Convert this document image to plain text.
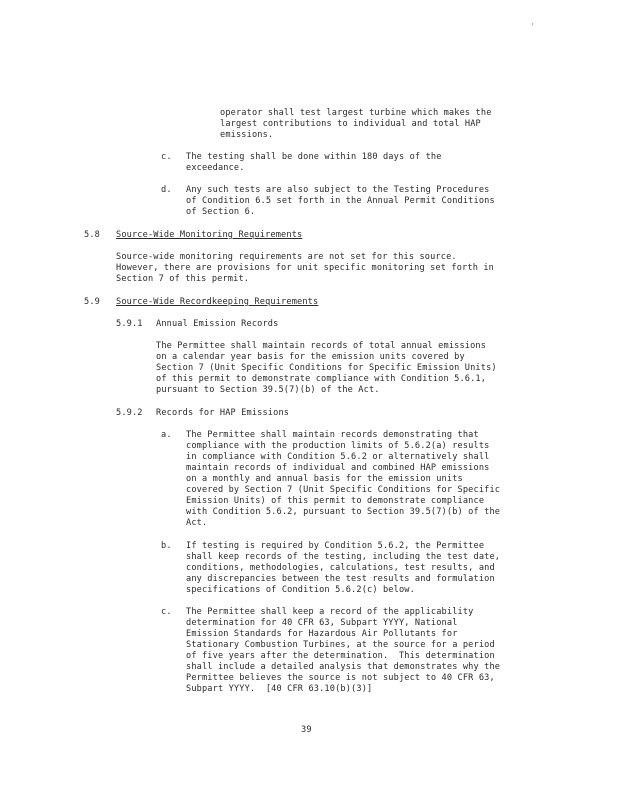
'
operator shall test largest turbine which makes the
largest contributions to individual and total HAP
emissions.
c. The testing shall be done within 180 days of the
exceedance.
d. Any such tests are also subject to the Testing Procedures
of Condition 6.5 set forth in the Annual Permit Conditions
of Section 6.
5.8 Source-Wide Monitoring Requirements
Source-wide monitoring requirements are not set for this source.
However, there are provisions for unit specific monitoring set forth in
Section 7 of this permit.
5.9 Source-Wide Recordkeeping Requirements
5.9.1 Annual Emission Records
The Permittee shall maintain records of total annual emissions
on a calendar year basis for the emission units covered by
Section 7 (Unit Specific Conditions for Specific Emission Units)
of this permit to demonstrate compliance with Condition 5.6.1,
pursuant to Section 39.5(7)(b) of the Act.
5.9.2 Records for HAP Emissions
a. The Permittee shall maintain records demonstrating that
compliance with the production limits of 5.6.2(a) results
in compliance with Condition 5.6.2 or alternatively shall
maintain records of individual and combined HAP emissions
on a monthly and annual basis for the emission units
covered by Section 7 (Unit Specific Conditions for Specific
Emission Units) of this permit to demonstrate compliance
with Condition 5.6.2, pursuant to Section 39.5(7)(b) of the
Act.
b. If testing is required by Condition 5.6.2, the Permittee
shall keep records of the testing, including the test date,
conditions, methodologies, calculations, test results, and
any discrepancies between the test results and formulation
specifications of Condition 5.6.2(c) below.
c. The Permittee shall keep a record of the applicability
determination for 40 CFR 63, Subpart YYYY, National
Emission Standards for Hazardous Air Pollutants for
Stationary Combustion Turbines, at the source for a period
of five years after the determination.  This determination
shall include a detailed analysis that demonstrates why the
Permittee believes the source is not subject to 40 CFR 63,
Subpart YYYY.  [40 CFR 63.10(b)(3)]
39
